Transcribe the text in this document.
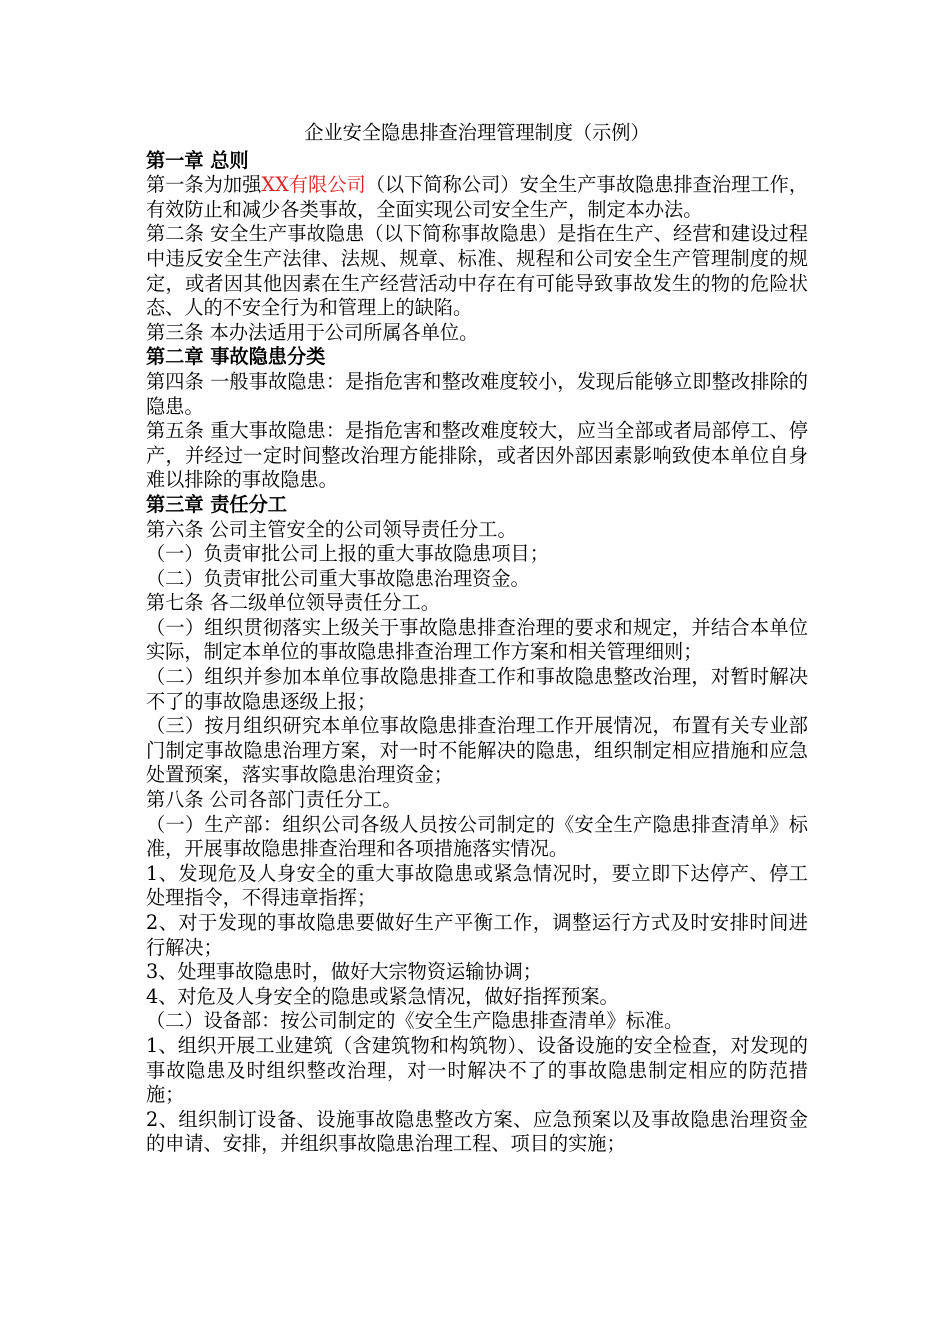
企业安全隐患排查治理管理制度（示例）
第一章 总则

第一条为加强XX有限公司（以下简称公司）安全生产事故隐患排查治理工作，有效防止和减少各类事故，全面实现公司安全生产，制定本办法。

第二条 安全生产事故隐患（以下简称事故隐患）是指在生产、经营和建设过程中违反安全生产法律、法规、规章、标准、规程和公司安全生产管理制度的规定，或者因其他因素在生产经营活动中存在有可能导致事故发生的物的危险状态、人的不安全行为和管理上的缺陷。

第三条 本办法适用于公司所属各单位。

第二章 事故隐患分类

第四条 一般事故隐患：是指危害和整改难度较小，发现后能够立即整改排除的隐患。

第五条 重大事故隐患：是指危害和整改难度较大，应当全部或者局部停工、停产，并经过一定时间整改治理方能排除，或者因外部因素影响致使本单位自身难以排除的事故隐患。

第三章 责任分工

第六条 公司主管安全的公司领导责任分工。

（一）负责审批公司上报的重大事故隐患项目；

（二）负责审批公司重大事故隐患治理资金。

第七条 各二级单位领导责任分工。

（一）组织贯彻落实上级关于事故隐患排查治理的要求和规定，并结合本单位实际，制定本单位的事故隐患排查治理工作方案和相关管理细则；

（二）组织并参加本单位事故隐患排查工作和事故隐患整改治理，对暂时解决不了的事故隐患逐级上报；

（三）按月组织研究本单位事故隐患排查治理工作开展情况，布置有关专业部门制定事故隐患治理方案，对一时不能解决的隐患，组织制定相应措施和应急处置预案，落实事故隐患治理资金；

第八条 公司各部门责任分工。

（一）生产部：组织公司各级人员按公司制定的《安全生产隐患排查清单》标准，开展事故隐患排查治理和各项措施落实情况。

1、发现危及人身安全的重大事故隐患或紧急情况时，要立即下达停产、停工处理指令，不得违章指挥；

2、对于发现的事故隐患要做好生产平衡工作，调整运行方式及时安排时间进行解决；

3、处理事故隐患时，做好大宗物资运输协调；

4、对危及人身安全的隐患或紧急情况，做好指挥预案。

（二）设备部：按公司制定的《安全生产隐患排查清单》标准。

1、组织开展工业建筑（含建筑物和构筑物）、设备设施的安全检查，对发现的事故隐患及时组织整改治理，对一时解决不了的事故隐患制定相应的防范措施；

2、组织制订设备、设施事故隐患整改方案、应急预案以及事故隐患治理资金的申请、安排，并组织事故隐患治理工程、项目的实施；
